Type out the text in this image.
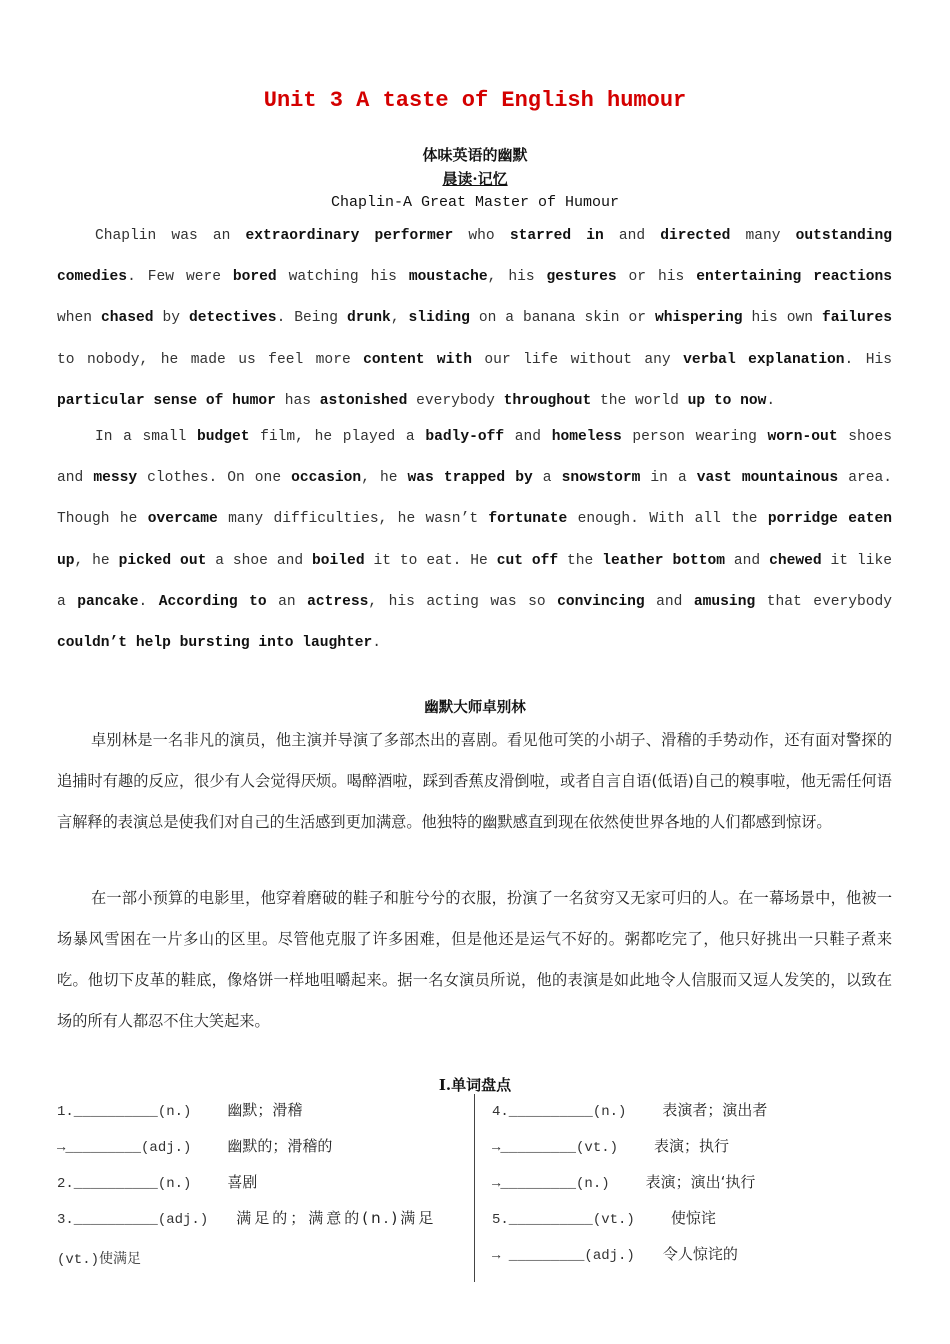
Unit 3 A taste of English humour
体味英语的幽默
晨读·记忆
Chaplin-A Great Master of Humour

Chaplin was an extraordinary performer who starred in and directed many outstanding comedies. Few were bored watching his moustache, his gestures or his entertaining reactions when chased by detectives. Being drunk, sliding on a banana skin or whispering his own failures to nobody, he made us feel more content with our life without any verbal explanation. His particular sense of humor has astonished everybody throughout the world up to now.

In a small budget film, he played a badly-off and homeless person wearing worn-out shoes and messy clothes. On one occasion, he was trapped by a snowstorm in a vast mountainous area. Though he overcame many difficulties, he wasn’t fortunate enough. With all the porridge eaten up, he picked out a shoe and boiled it to eat. He cut off the leather bottom and chewed it like a pancake. According to an actress, his acting was so convincing and amusing that everybody couldn’t help bursting into laughter.

幽默大师卓别林

卓别林是一名非凡的演员，他主演并导演了多部杰出的喜剧。看见他可笑的小胡子、滑稽的手势动作，还有面对警探的追捕时有趣的反应，很少有人会觉得厌烦。喝醉酒啦，踩到香蕉皮滑倒啦，或者自言自语(低语)自己的糗事啦，他无需任何语言解释的表演总是使我们对自己的生活感到更加满意。他独特的幽默感直到现在依然使世界各地的人们都感到惊讶。

在一部小预算的电影里，他穿着磨破的鞋子和脏兮兮的衣服，扮演了一名贫穷又无家可归的人。在一幕场景中，他被一场暴风雪困在一片多山的区里。尽管他克服了许多困难，但是他还是运气不好的。粥都吃完了，他只好挑出一只鞋子煮来吃。他切下皮革的鞋底，像烙饼一样地咀嚼起来。据一名女演员所说，他的表演是如此地令人信服而又逗人发笑的，以致在场的所有人都忍不住大笑起来。

I.单词盘点
1.__________(n.) 幽默；滑稽
→_________(adj.) 幽默的；滑稽的
2.__________(n.) 喜剧
3.__________(adj.) 满足的；满意的(n.)满足
(vt.)使满足
4.__________(n.) 表演者；演出者
→_________(vt.) 表演；执行
→_________(n.) 表演；演出‘执行
5.__________(vt.) 使惊诧
→ _________(adj.) 令人惊诧的
